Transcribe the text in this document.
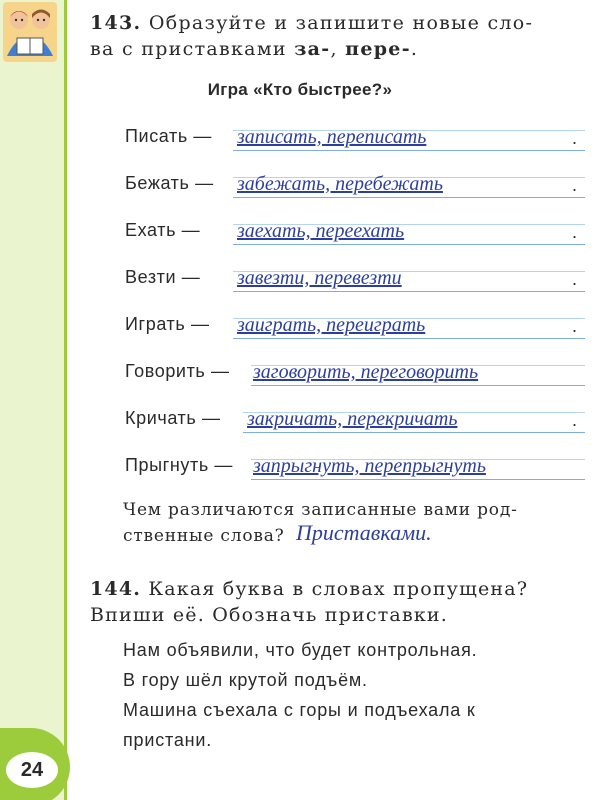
143. Образуйте и запишите новые сло-
ва с приставками за-, пере-.
Игра «Кто быстрее?»
Писать — записать, переписать	.
Бежать — забежать, перебежать	.
Ехать — заехать, переехать	.
Везти — завезти, перевезти	.
Играть — заиграть, переиграть	.
Говорить — заговорить, переговорить
Кричать — закричать, перекричать	.
Прыгнуть — запрыгнуть, перепрыгнуть
Чем различаются записанные вами род-
ственные слова? Приставками.
144. Какая буква в словах пропущена?
Впиши её. Обозначь приставки.
Нам объявили, что будет контрольная.
В гору шёл крутой подъём.
Машина съехала с горы и подъехала к
пристани.
24
